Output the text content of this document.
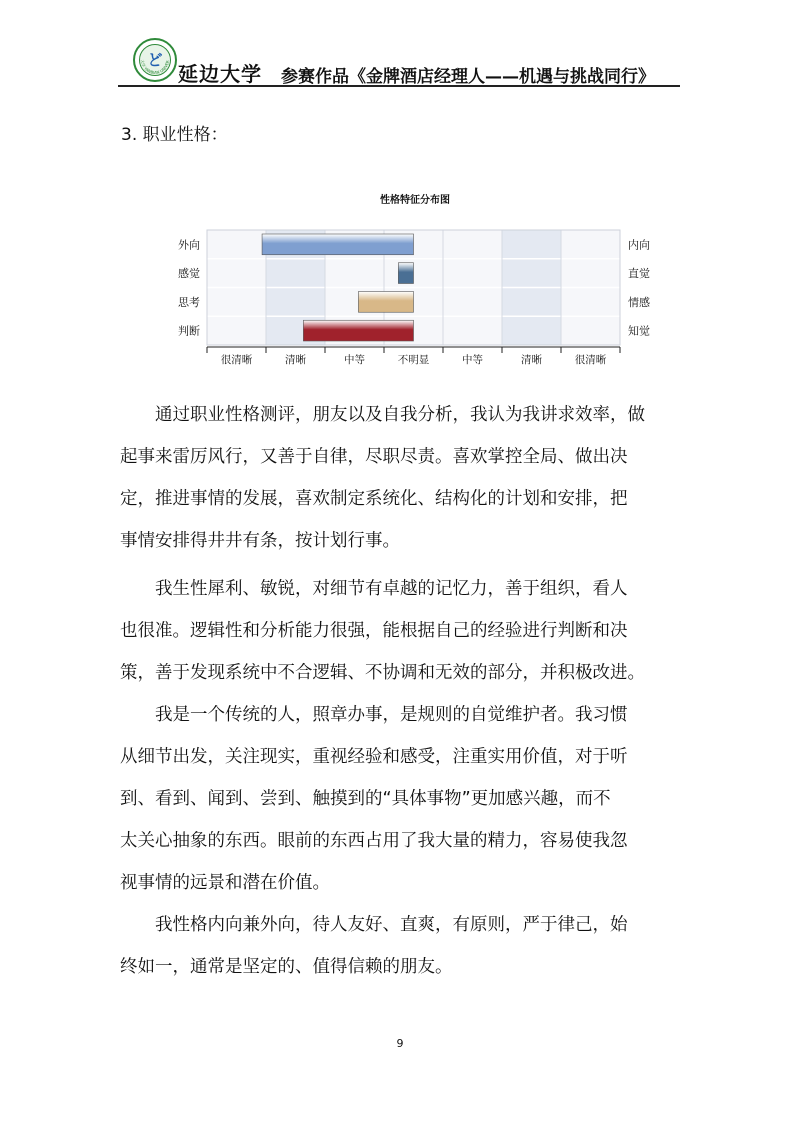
ど
大学 YANBIAN UNIVER
延边大学 参赛作品《金牌酒店经理人——机遇与挑战同行》
3. 职业性格：
性格特征分布图
外向
感觉
思考
判断
内向
直觉
情感
知觉
很清晰	清晰	中等	不明显	中等	清晰	很清晰
通过职业性格测评，朋友以及自我分析，我认为我讲求效率，做
起事来雷厉风行，又善于自律，尽职尽责。喜欢掌控全局、做出决
定，推进事情的发展，喜欢制定系统化、结构化的计划和安排，把
事情安排得井井有条，按计划行事。
我生性犀利、敏锐，对细节有卓越的记忆力，善于组织，看人
也很准。逻辑性和分析能力很强，能根据自己的经验进行判断和决
策，善于发现系统中不合逻辑、不协调和无效的部分，并积极改进。
我是一个传统的人，照章办事，是规则的自觉维护者。我习惯
从细节出发，关注现实，重视经验和感受，注重实用价值，对于听
到、看到、闻到、尝到、触摸到的“具体事物”更加感兴趣，而不
太关心抽象的东西。眼前的东西占用了我大量的精力，容易使我忽
视事情的远景和潜在价值。
我性格内向兼外向，待人友好、直爽，有原则，严于律己，始
终如一，通常是坚定的、值得信赖的朋友。
9
